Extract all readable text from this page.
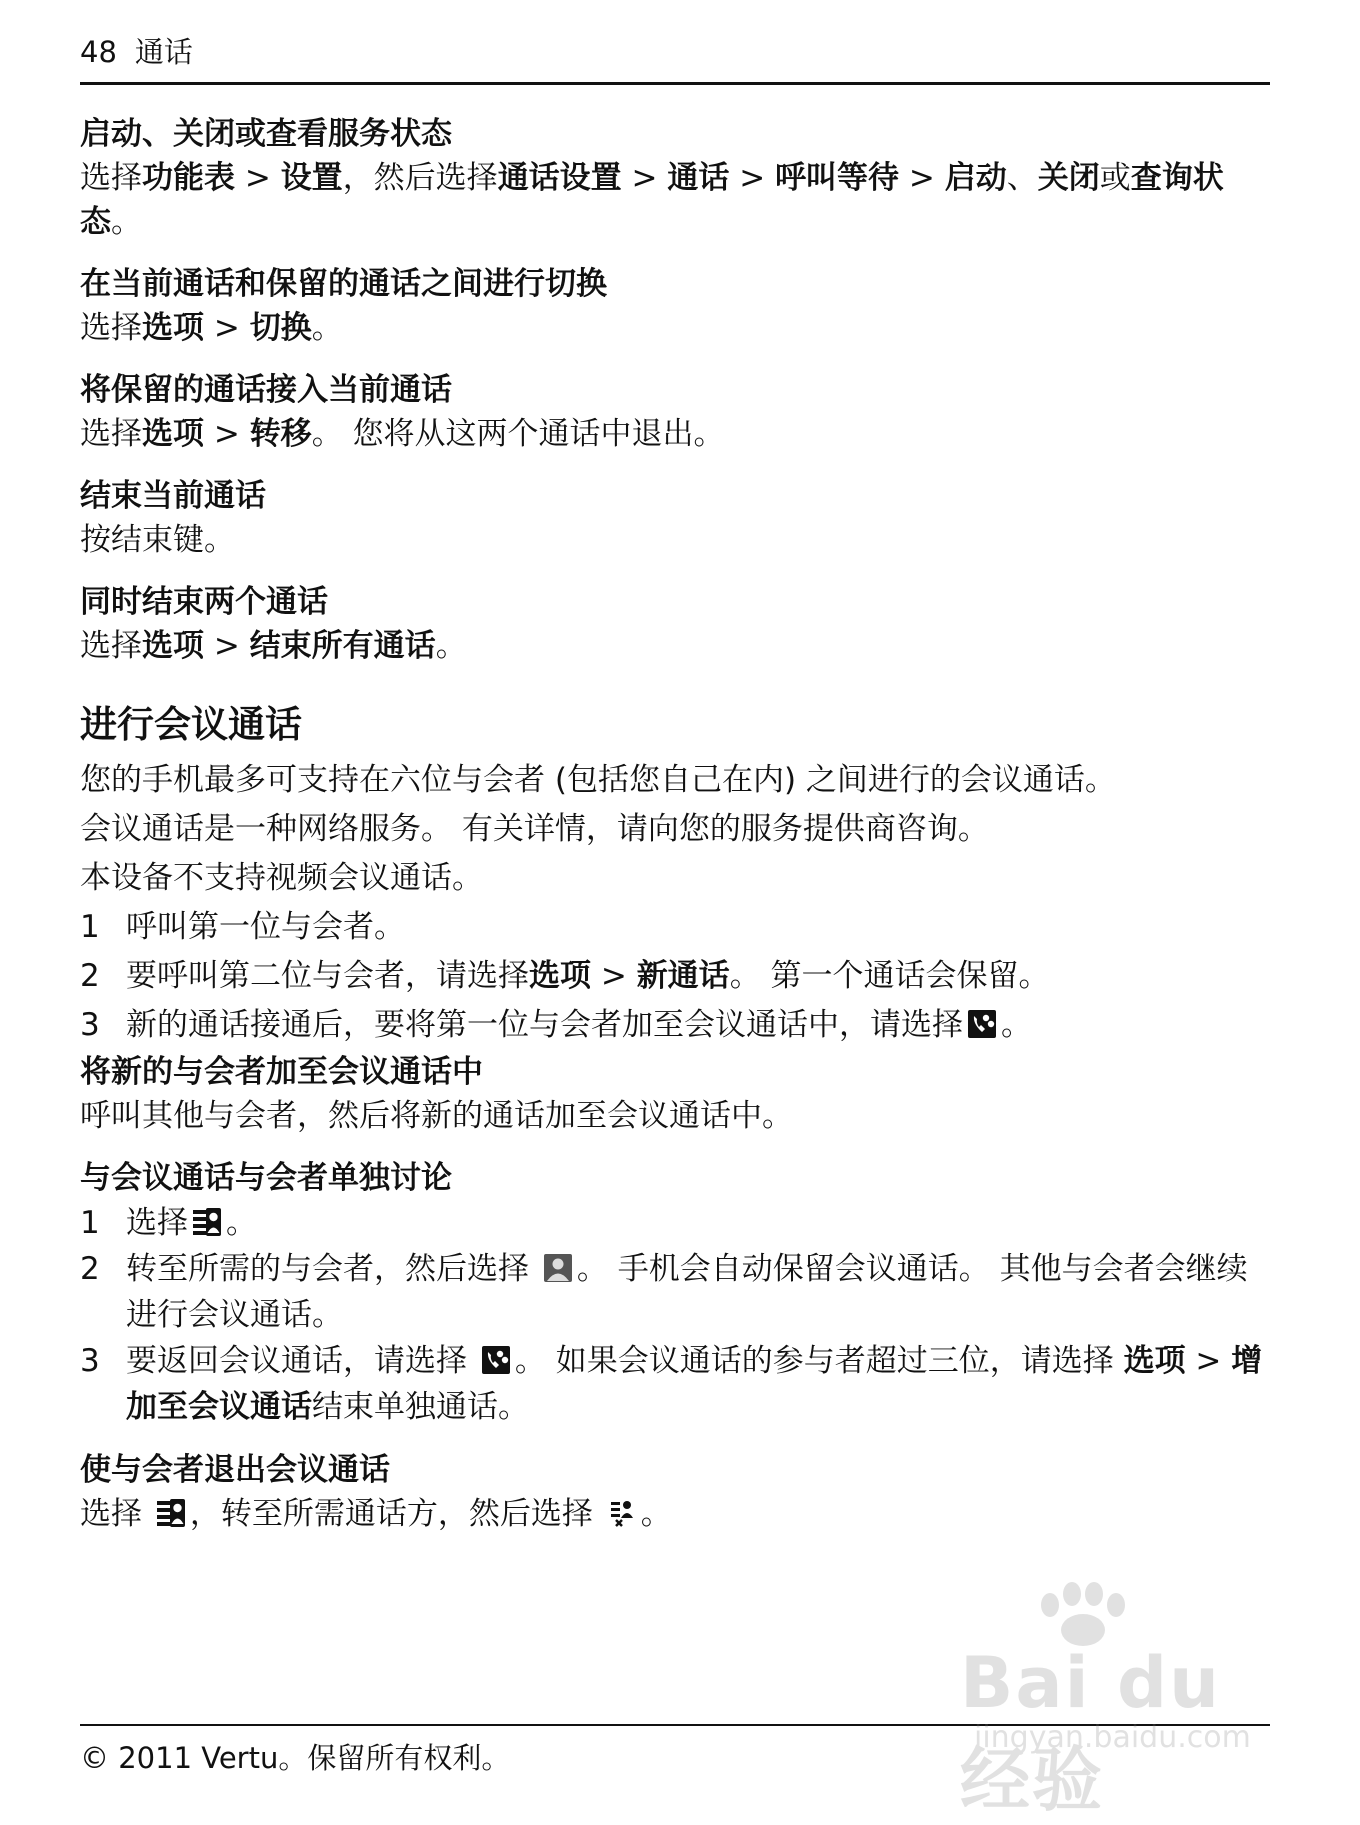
48 通话
启动、关闭或查看服务状态
选择功能表 > 设置，然后选择通话设置 > 通话 > 呼叫等待 > 启动、关闭或查询状态。
在当前通话和保留的通话之间进行切换
选择选项 > 切换。
将保留的通话接入当前通话
选择选项 > 转移。 您将从这两个通话中退出。
结束当前通话
按结束键。
同时结束两个通话
选择选项 > 结束所有通话。
进行会议通话
您的手机最多可支持在六位与会者 (包括您自己在内) 之间进行的会议通话。
会议通话是一种网络服务。 有关详情，请向您的服务提供商咨询。
本设备不支持视频会议通话。
1 呼叫第一位与会者。
2 要呼叫第二位与会者，请选择选项 > 新通话。 第一个通话会保留。
3 新的通话接通后，要将第一位与会者加至会议通话中，请选择 。
将新的与会者加至会议通话中
呼叫其他与会者，然后将新的通话加至会议通话中。
与会议通话与会者单独讨论
1 选择 。
2 转至所需的与会者，然后选择
。 手机会自动保留会议通话。 其他与会者会继续进行会议通话。
3 要返回会议通话，请选择
。 如果会议通话的参与者超过三位，请选择 选项 > 增加至会议通话结束单独通话。
使与会者退出会议通话
选择
，转至所需通话方，然后选择
。
© 2011 Vertu。保留所有权利。
Bai du 经验
jingyan.baidu.com
